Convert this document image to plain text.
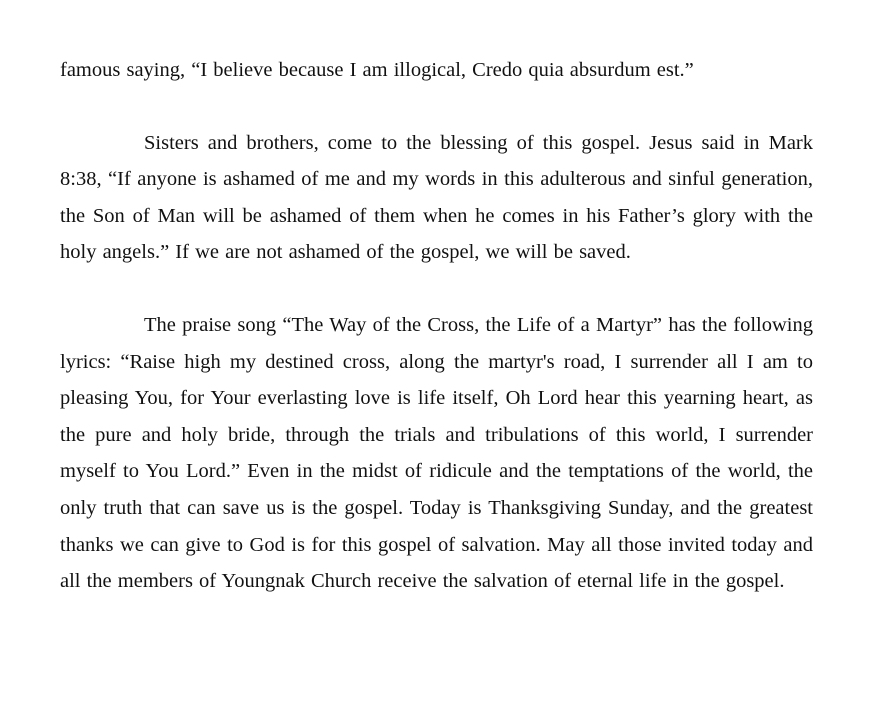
famous saying, “I believe because I am illogical, Credo quia absurdum est.”

Sisters and brothers, come to the blessing of this gospel. Jesus said in Mark 8:38, “If anyone is ashamed of me and my words in this adulterous and sinful generation, the Son of Man will be ashamed of them when he comes in his Father’s glory with the holy angels.” If we are not ashamed of the gospel, we will be saved.

The praise song “The Way of the Cross, the Life of a Martyr” has the following lyrics: “Raise high my destined cross, along the martyr's road, I surrender all I am to pleasing You, for Your everlasting love is life itself, Oh Lord hear this yearning heart, as the pure and holy bride, through the trials and tribulations of this world, I surrender myself to You Lord.” Even in the midst of ridicule and the temptations of the world, the only truth that can save us is the gospel. Today is Thanksgiving Sunday, and the greatest thanks we can give to God is for this gospel of salvation. May all those invited today and all the members of Youngnak Church receive the salvation of eternal life in the gospel.
